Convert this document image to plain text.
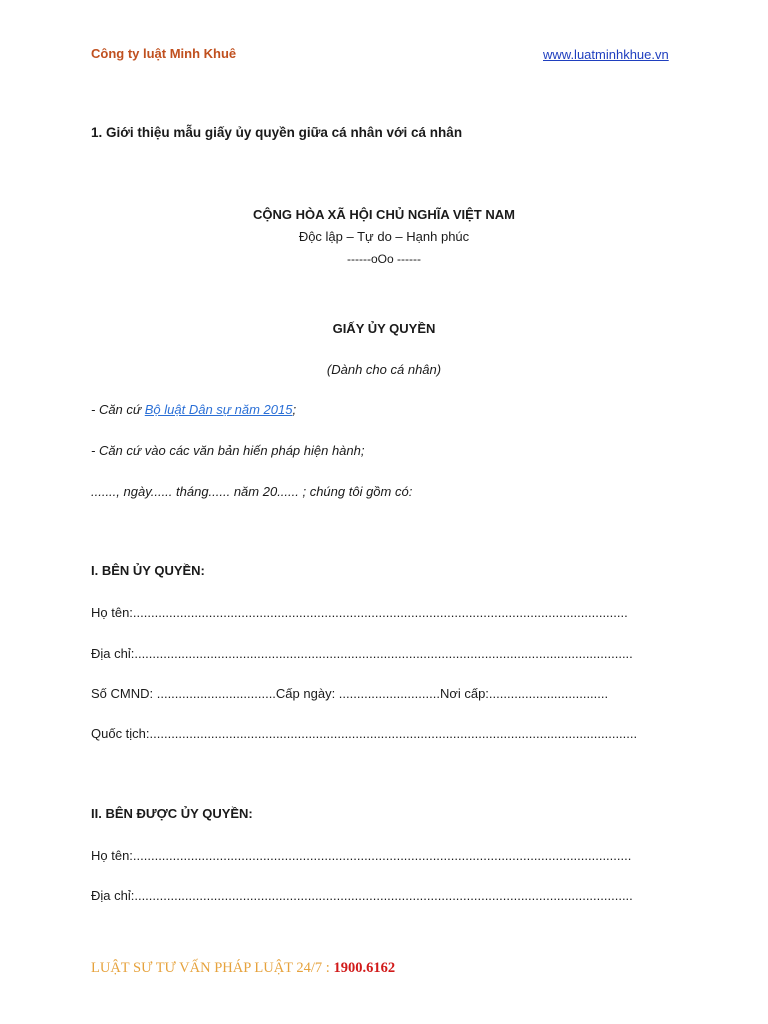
Công ty luật Minh Khuê	www.luatminhkhue.vn
1. Giới thiệu mẫu giấy ủy quyền giữa cá nhân với cá nhân
CỘNG HÒA XÃ HỘI CHỦ NGHĨA VIỆT NAM
Độc lập – Tự do – Hạnh phúc
------oOo ------
GIẤY ỦY QUYỀN
(Dành cho cá nhân)
- Căn cứ Bộ luật Dân sự năm 2015;
- Căn cứ vào các văn bản hiến pháp hiện hành;
......., ngày...... tháng...... năm 20...... ; chúng tôi gồm có:
I. BÊN ỦY QUYỀN:
Họ tên:.........................................................................................................................................
Địa chỉ:..........................................................................................................................................
Số CMND: .................................Cấp ngày: ............................Nơi cấp:.................................
Quốc tịch:.......................................................................................................................................
II. BÊN ĐƯỢC ỦY QUYỀN:
Họ tên:..........................................................................................................................................
Địa chỉ:..........................................................................................................................................
LUẬT SƯ TƯ VẤN PHÁP LUẬT 24/7 : 1900.6162
